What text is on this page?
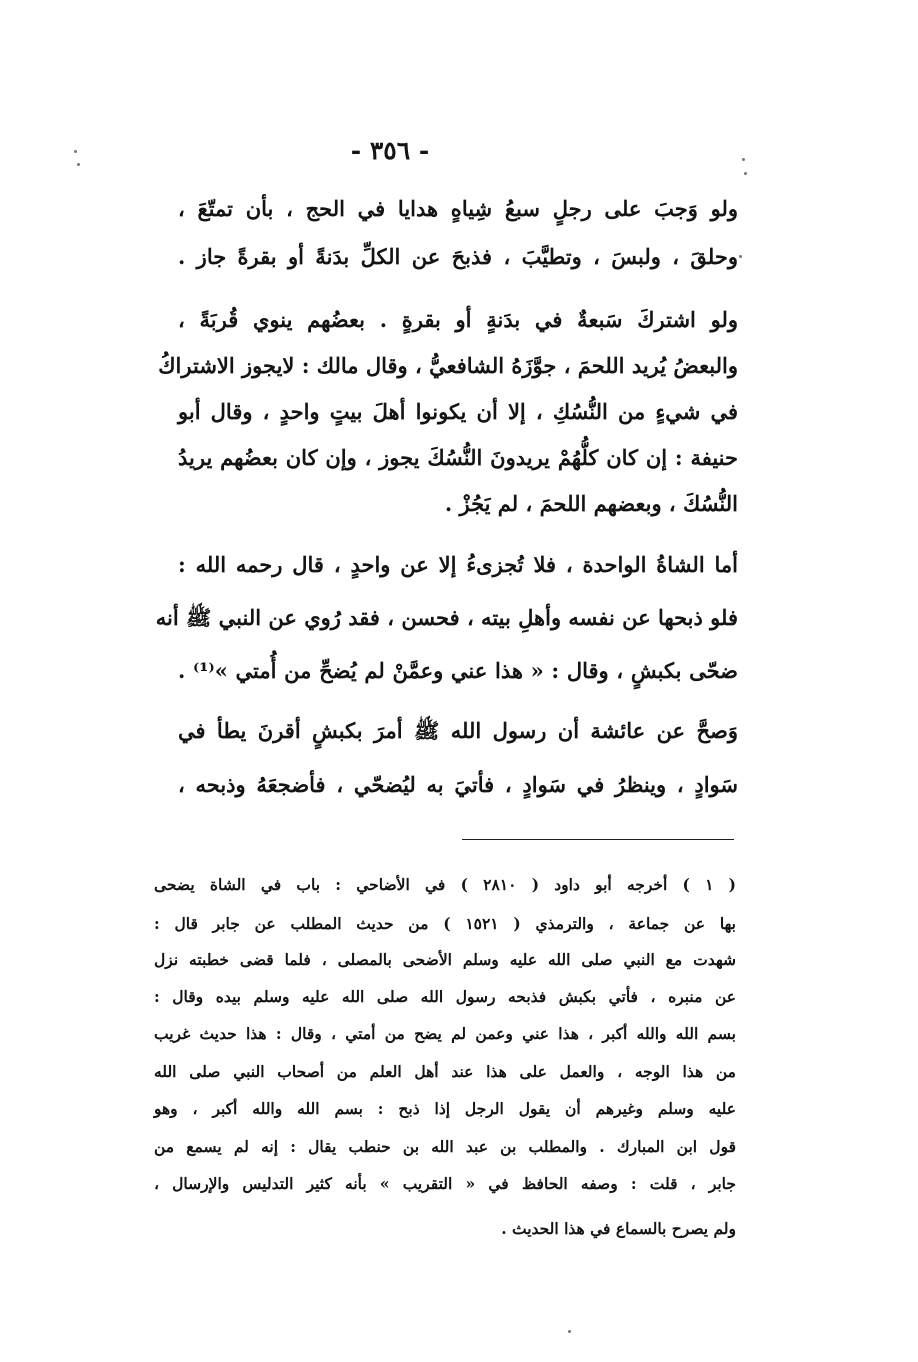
- ٣٥٦ -
ولو وَجبَ على رجلٍ سبعُ شِياهٍ هدايا في الحج ، بأن تمتّعَ ،
وحلقَ ، ولبسَ ، وتطيَّبَ ، فذبحَ عن الكلِّ بدَنةً أو بقرةً جاز .
ولو اشتركَ سَبعةٌ في بدَنةٍ أو بقرةٍ . بعضُهم ينوي قُربَةً ،
والبعضُ يُريد اللحمَ ، جوَّزَهُ الشافعيُّ ، وقال مالك : لايجوز الاشتراكُ
في شيءٍ من النُّسُكِ ، إلا أن يكونوا أهلَ بيتٍ واحدٍ ، وقال أبو
حنيفة : إن كان كلُّهُمْ يريدونَ النُّسُكَ يجوز ، وإن كان بعضُهم يريدُ
النُّسُكَ ، وبعضهم اللحمَ ، لم يَجُزْ .
أما الشاةُ الواحدة ، فلا تُجزىءُ إلا عن واحدٍ ، قال رحمه الله :
فلو ذبحها عن نفسه وأهلِ بيته ، فحسن ، فقد رُوي عن النبي ﷺ أنه
ضحّى بكبشٍ ، وقال : « هذا عني وعمَّنْ لم يُضحِّ من أُمتي »⁽¹⁾ .
وَصحَّ عن عائشة أن رسول الله ﷺ أمرَ بكبشٍ أقرنَ يطأ في
سَوادٍ ، وينظرُ في سَوادٍ ، فأتيَ به ليُضحّي ، فأضجعَهُ وذبحه ،
( ١ ) أخرجه أبو داود ( ٢٨١٠ ) في الأضاحي : باب في الشاة يضحى
بها عن جماعة ، والترمذي ( ١٥٢١ ) من حديث المطلب عن جابر قال :
شهدت مع النبي صلى الله عليه وسلم الأضحى بالمصلى ، فلما قضى خطبته نزل
عن منبره ، فأتي بكبش فذبحه رسول الله صلى الله عليه وسلم بيده وقال :
بسم الله والله أكبر ، هذا عني وعمن لم يضح من أمتي ، وقال : هذا حديث غريب
من هذا الوجه ، والعمل على هذا عند أهل العلم من أصحاب النبي صلى الله
عليه وسلم وغيرهم أن يقول الرجل إذا ذبح : بسم الله والله أكبر ، وهو
قول ابن المبارك . والمطلب بن عبد الله بن حنطب يقال : إنه لم يسمع من
جابر ، قلت : وصفه الحافظ في « التقريب » بأنه كثير التدليس والإرسال ،
ولم يصرح بالسماع في هذا الحديث .
